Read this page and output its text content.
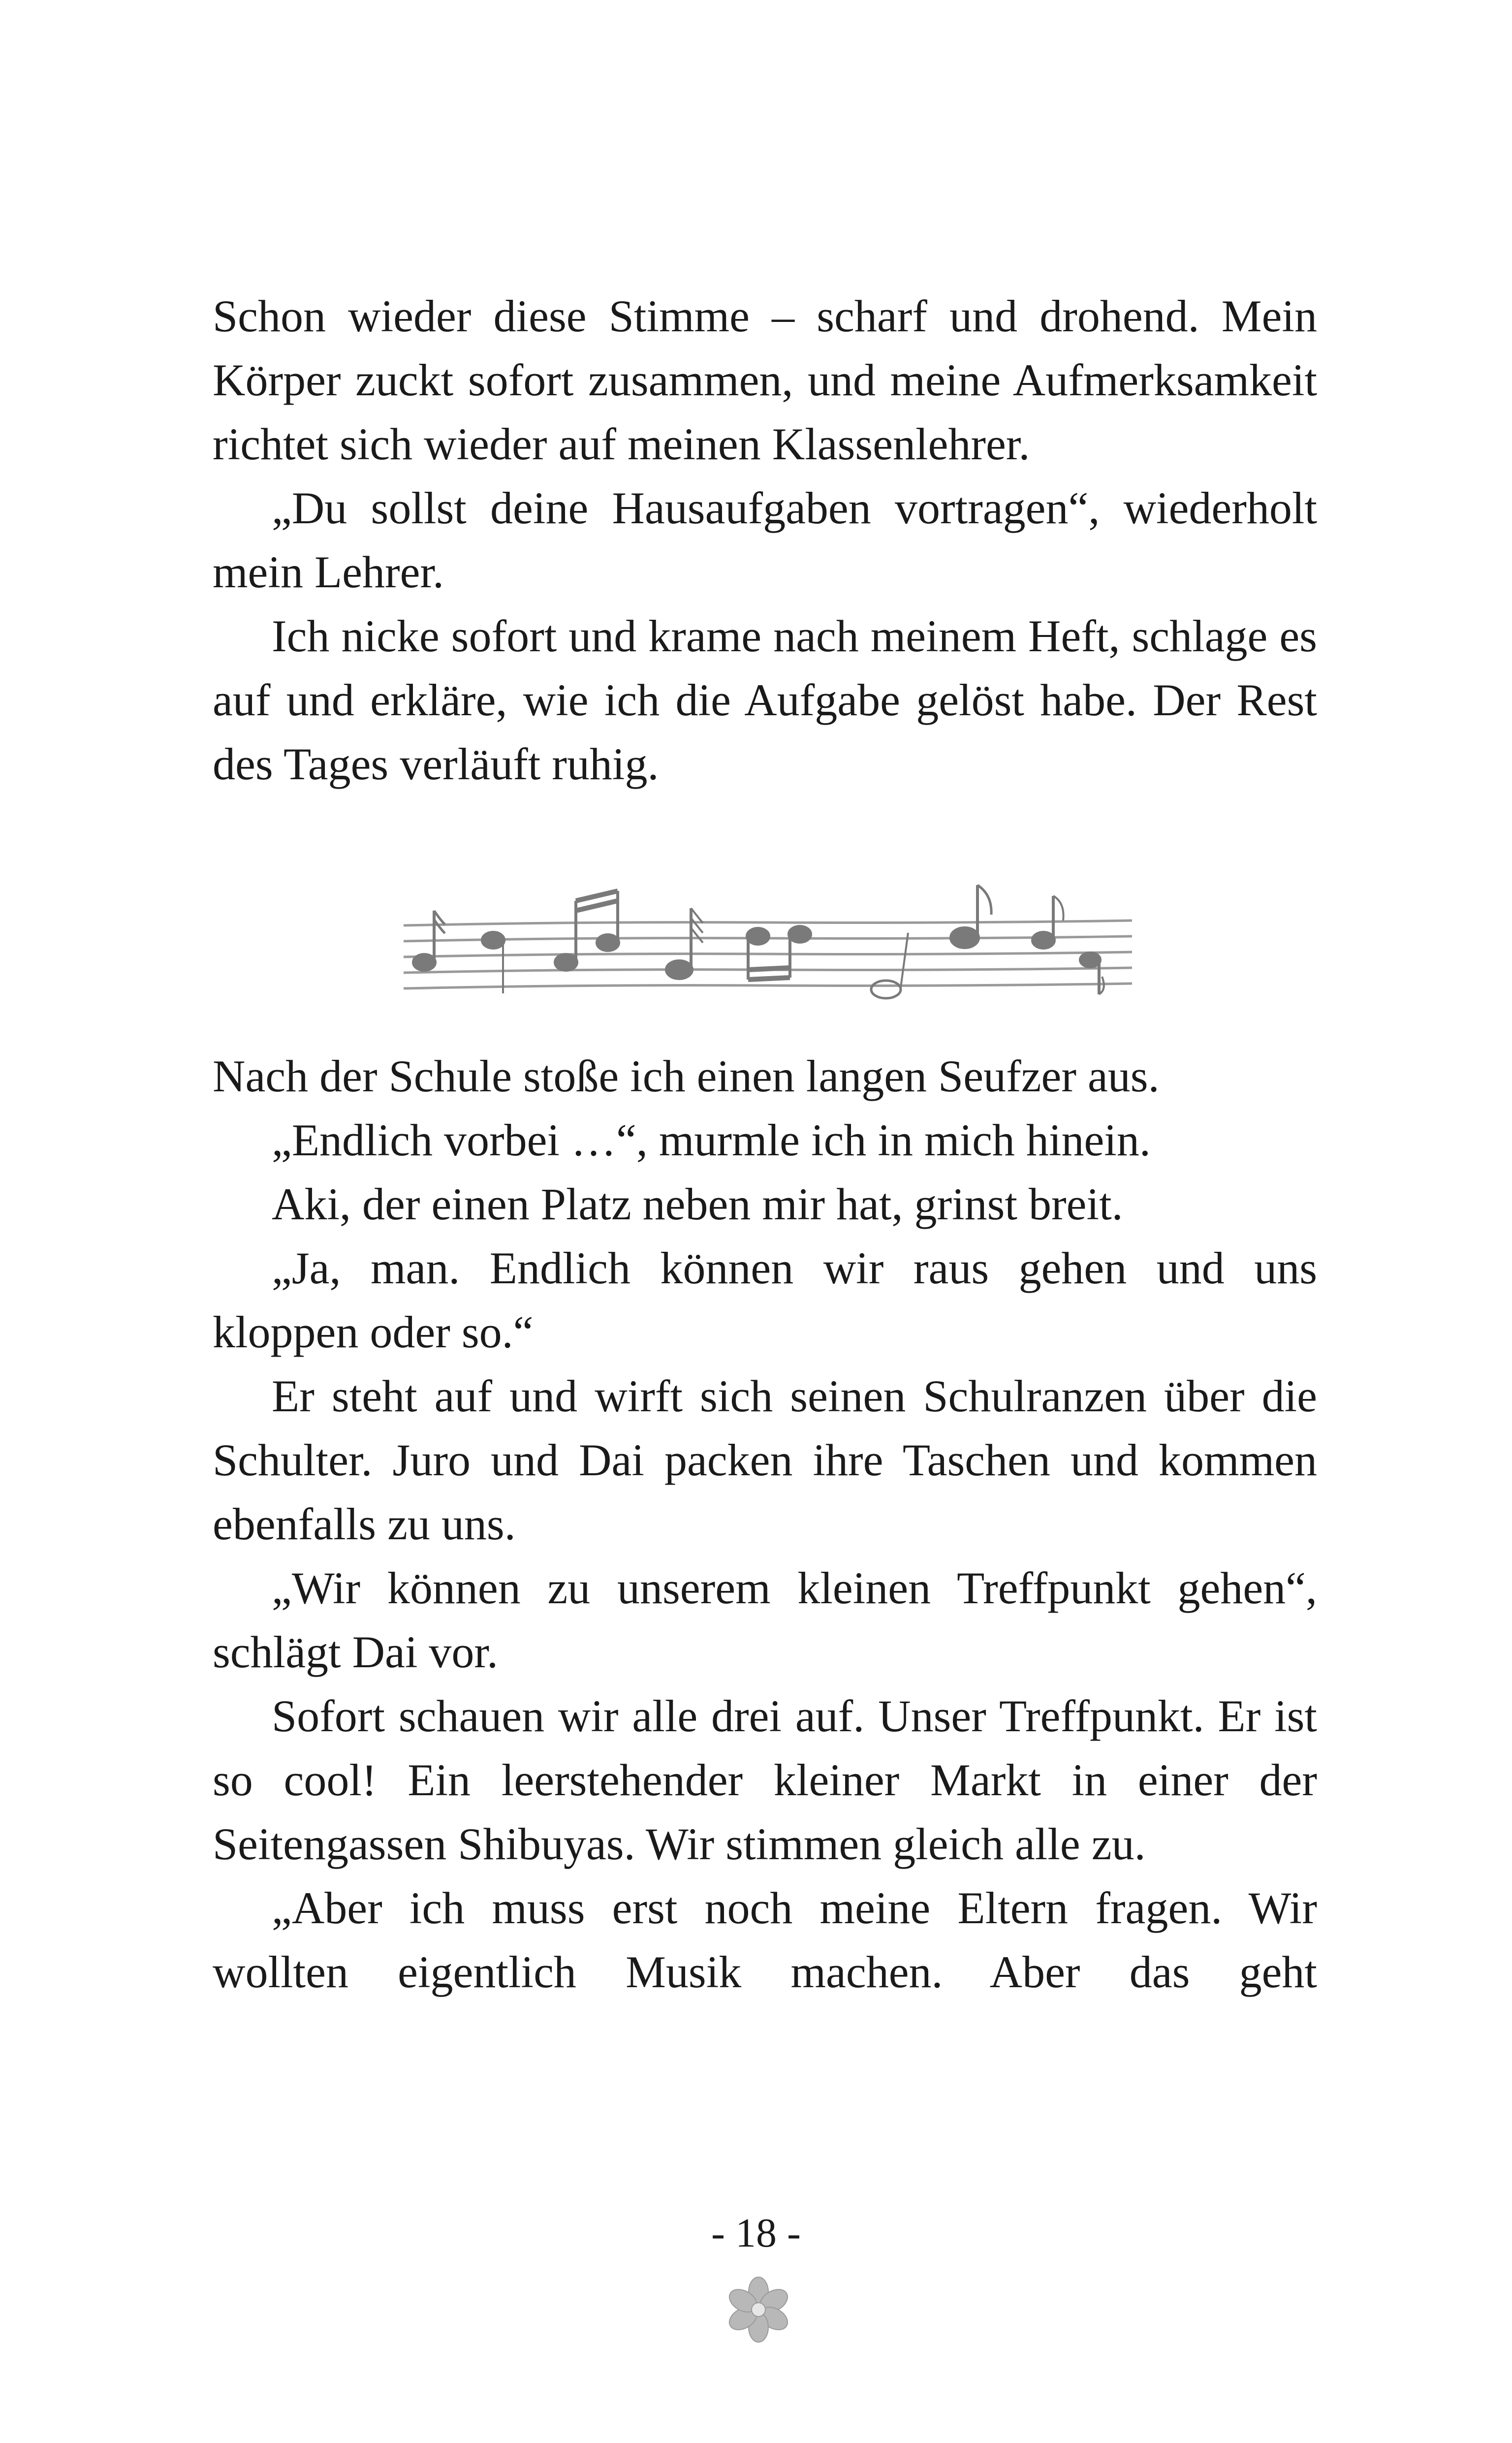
Schon wieder diese Stimme – scharf und drohend. Mein Körper zuckt sofort zusammen, und meine Aufmerksamkeit richtet sich wieder auf meinen Klassenlehrer.

„Du sollst deine Hausaufgaben vortragen“, wiederholt mein Lehrer.

Ich nicke sofort und krame nach meinem Heft, schlage es auf und erkläre, wie ich die Aufgabe gelöst habe. Der Rest des Tages verläuft ruhig.

Nach der Schule stoße ich einen langen Seufzer aus.

„Endlich vorbei …“, murmle ich in mich hinein.

Aki, der einen Platz neben mir hat, grinst breit.

„Ja, man. Endlich können wir raus gehen und uns kloppen oder so.“

Er steht auf und wirft sich seinen Schulranzen über die Schulter. Juro und Dai packen ihre Taschen und kommen ebenfalls zu uns.

„Wir können zu unserem kleinen Treffpunkt gehen“, schlägt Dai vor.

Sofort schauen wir alle drei auf. Unser Treffpunkt. Er ist so cool! Ein leerstehender kleiner Markt in einer der Seitengassen Shibuyas. Wir stimmen gleich alle zu.

„Aber ich muss erst noch meine Eltern fragen. Wir wollten eigentlich Musik machen. Aber das geht

- 18 -
